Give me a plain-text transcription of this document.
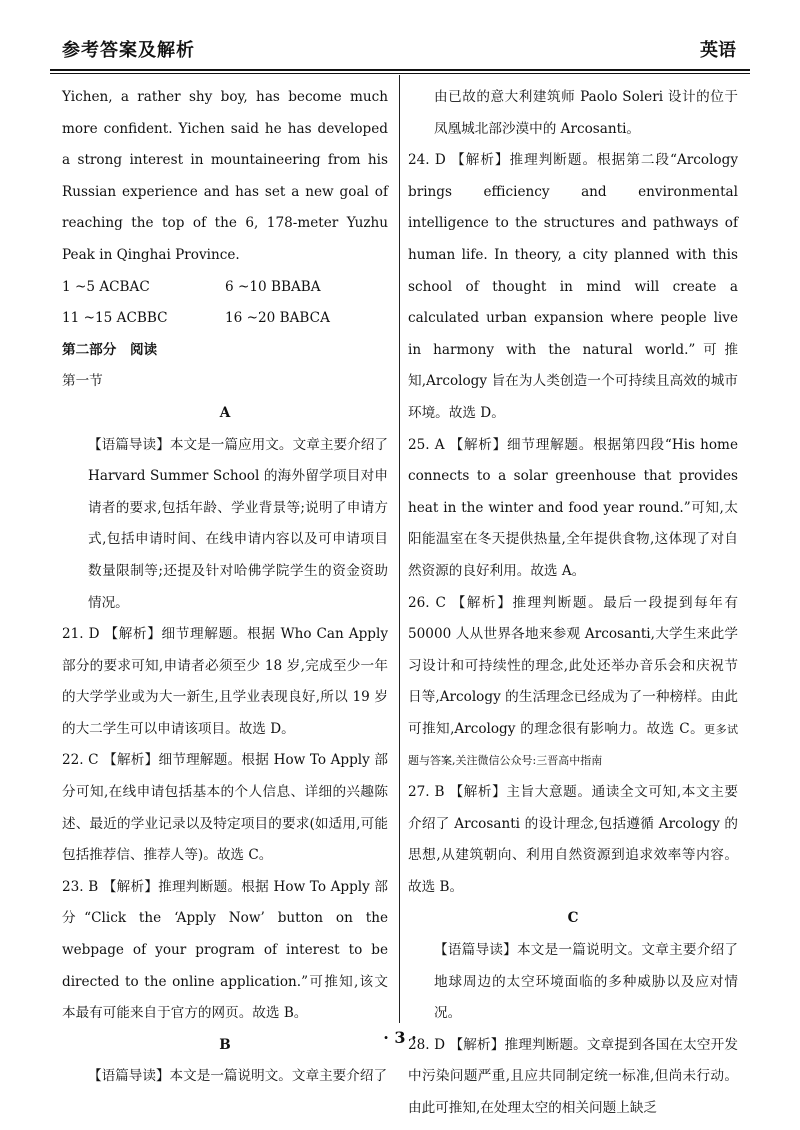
参考答案及解析	英语

Yichen, a rather shy boy, has become much more confident. Yichen said he has developed a strong interest in mountaineering from his Russian experience and has set a new goal of reaching the top of the 6, 178-meter Yuzhu Peak in Qinghai Province.

1 ~5 ACBAC	6 ~10 BBABA
11 ~15 ACBBC	16 ~20 BABCA

第二部分　阅读

第一节

A

【语篇导读】本文是一篇应用文。文章主要介绍了Harvard Summer School 的海外留学项目对申请者的要求,包括年龄、学业背景等;说明了申请方式,包括申请时间、在线申请内容以及可申请项目数量限制等;还提及针对哈佛学院学生的资金资助情况。

21. D 【解析】细节理解题。根据 Who Can Apply 部分的要求可知,申请者必须至少 18 岁,完成至少一年的大学学业或为大一新生,且学业表现良好,所以 19 岁的大二学生可以申请该项目。故选 D。

22. C 【解析】细节理解题。根据 How To Apply 部分可知,在线申请包括基本的个人信息、详细的兴趣陈述、最近的学业记录以及特定项目的要求(如适用,可能包括推荐信、推荐人等)。故选 C。

23. B 【解析】推理判断题。根据 How To Apply 部分“Click the ‘Apply Now’ button on the webpage of your program of interest to be directed to the online application.”可推知,该文本最有可能来自于官方的网页。故选 B。

B

【语篇导读】本文是一篇说明文。文章主要介绍了

由已故的意大利建筑师 Paolo Soleri 设计的位于凤凰城北部沙漠中的 Arcosanti。

24. D 【解析】推理判断题。根据第二段“Arcology brings efficiency and environmental intelligence to the structures and pathways of human life. In theory, a city planned with this school of thought in mind will create a calculated urban expansion where people live in harmony with the natural world.”可推知,Arcology 旨在为人类创造一个可持续且高效的城市环境。故选 D。

25. A 【解析】细节理解题。根据第四段“His home connects to a solar greenhouse that provides heat in the winter and food year round.”可知,太阳能温室在冬天提供热量,全年提供食物,这体现了对自然资源的良好利用。故选 A。

26. C 【解析】推理判断题。最后一段提到每年有 50000 人从世界各地来参观 Arcosanti,大学生来此学习设计和可持续性的理念,此处还举办音乐会和庆祝节日等,Arcology 的生活理念已经成为了一种榜样。由此可推知,Arcology 的理念很有影响力。故选 C。更多试题与答案,关注微信公众号:三晋高中指南

27. B 【解析】主旨大意题。通读全文可知,本文主要介绍了 Arcosanti 的设计理念,包括遵循 Arcology 的思想,从建筑朝向、利用自然资源到追求效率等内容。故选 B。

C

【语篇导读】本文是一篇说明文。文章主要介绍了地球周边的太空环境面临的多种威胁以及应对情况。

28. D 【解析】推理判断题。文章提到各国在太空开发中污染问题严重,且应共同制定统一标准,但尚未行动。由此可推知,在处理太空的相关问题上缺乏

· 3 ·
